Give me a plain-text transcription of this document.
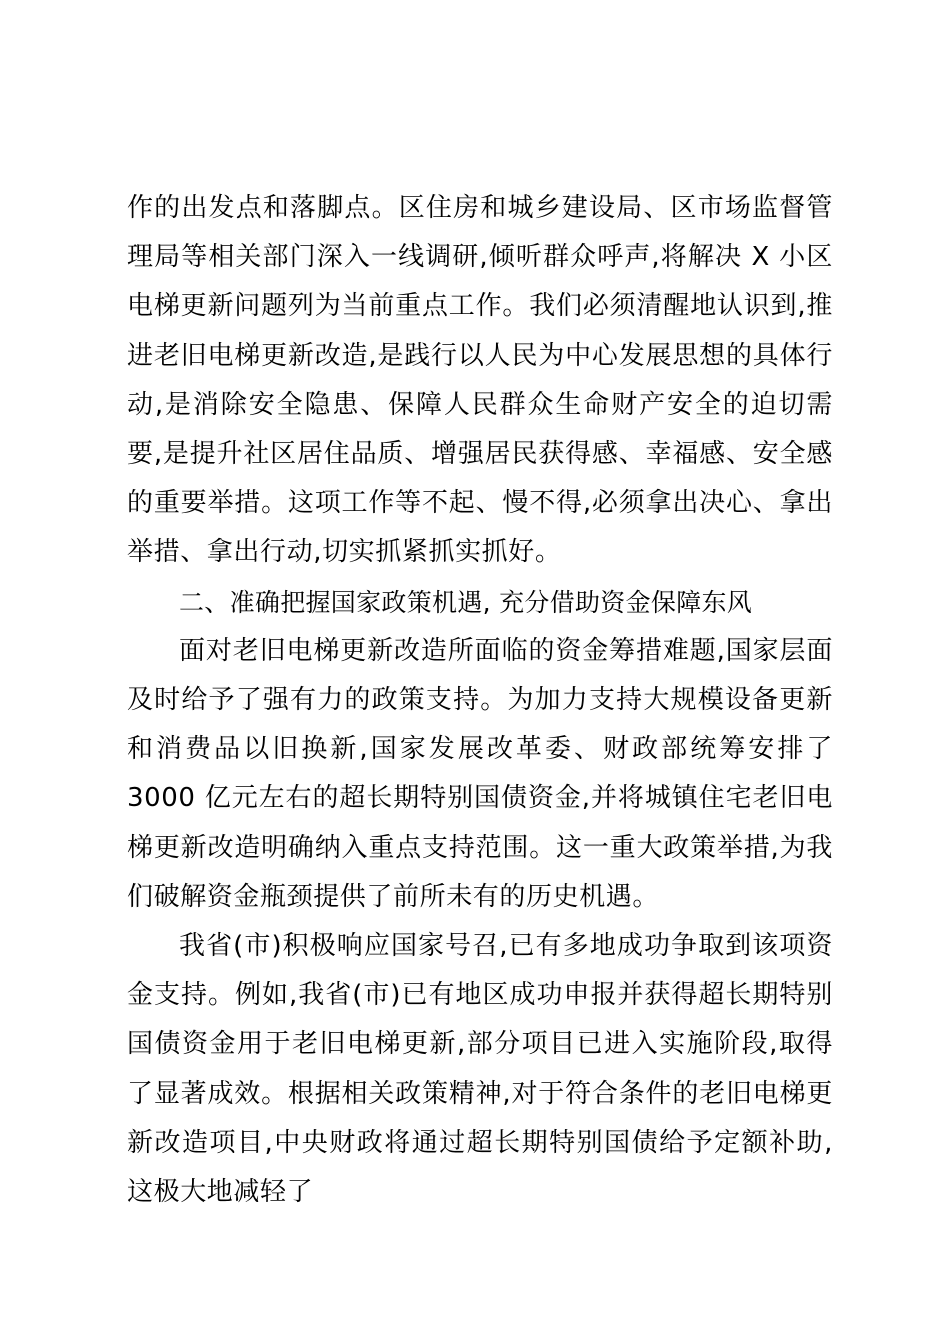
作的出发点和落脚点。区住房和城乡建设局、区市场监督管理局等相关部门深入一线调研,倾听群众呼声,将解决 X 小区电梯更新问题列为当前重点工作。我们必须清醒地认识到,推进老旧电梯更新改造,是践行以人民为中心发展思想的具体行动,是消除安全隐患、保障人民群众生命财产安全的迫切需要,是提升社区居住品质、增强居民获得感、幸福感、安全感的重要举措。这项工作等不起、慢不得,必须拿出决心、拿出举措、拿出行动,切实抓紧抓实抓好。

二、准确把握国家政策机遇, 充分借助资金保障东风

面对老旧电梯更新改造所面临的资金筹措难题,国家层面及时给予了强有力的政策支持。为加力支持大规模设备更新和消费品以旧换新,国家发展改革委、财政部统筹安排了 3000 亿元左右的超长期特别国债资金,并将城镇住宅老旧电梯更新改造明确纳入重点支持范围。这一重大政策举措,为我们破解资金瓶颈提供了前所未有的历史机遇。

我省(市)积极响应国家号召,已有多地成功争取到该项资金支持。例如,我省(市)已有地区成功申报并获得超长期特别国债资金用于老旧电梯更新,部分项目已进入实施阶段,取得了显著成效。根据相关政策精神,对于符合条件的老旧电梯更新改造项目,中央财政将通过超长期特别国债给予定额补助,这极大地减轻了
